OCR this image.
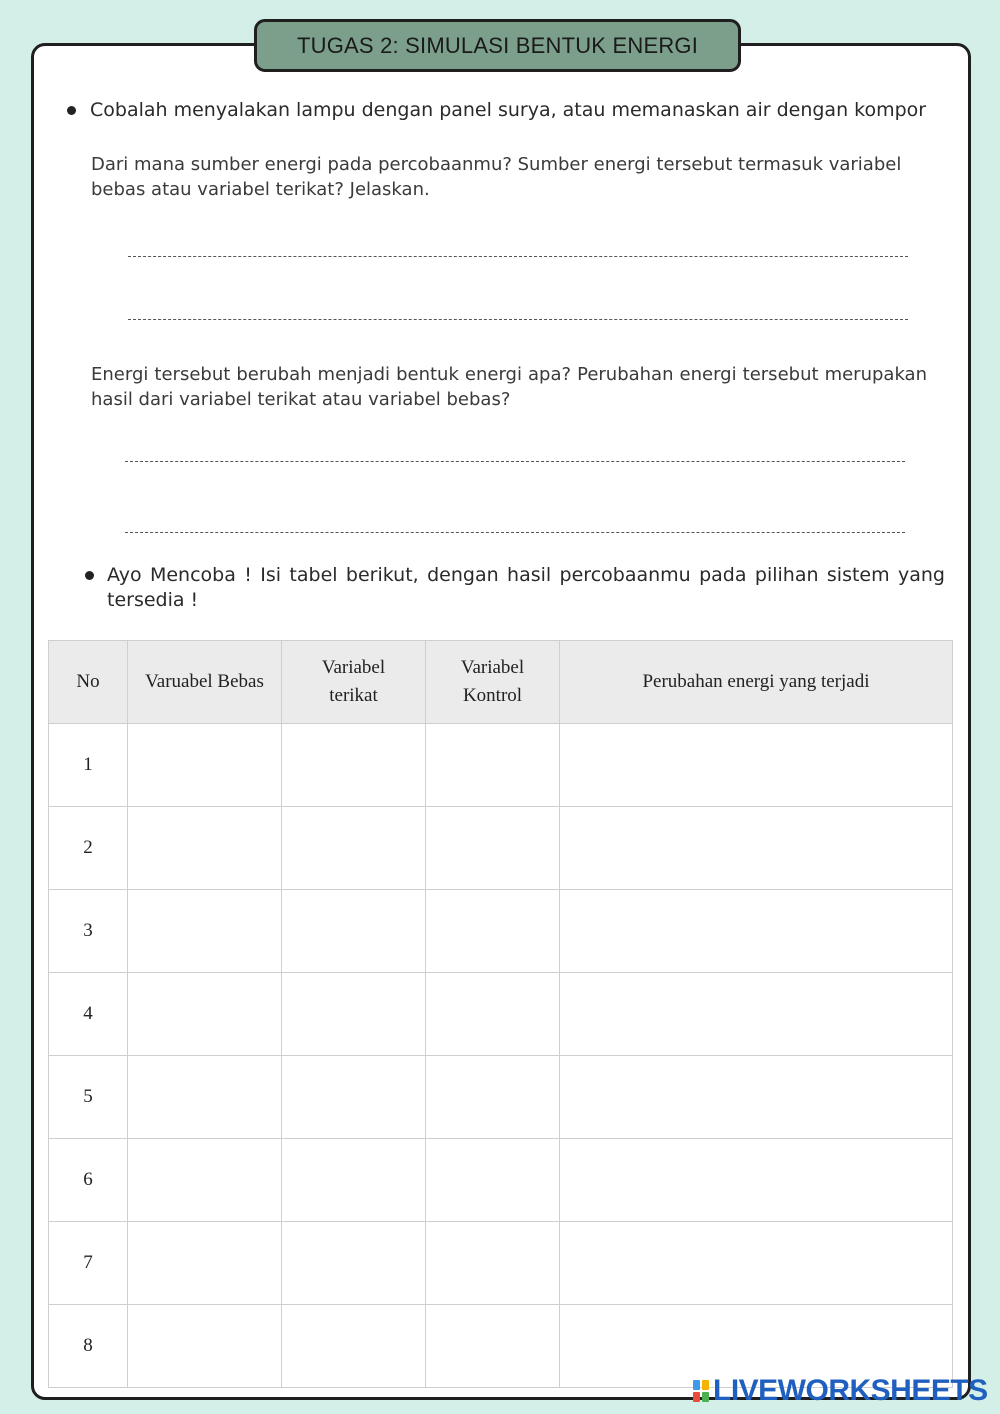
TUGAS 2: SIMULASI BENTUK ENERGI
Cobalah menyalakan lampu dengan panel surya, atau memanaskan air dengan kompor
Dari mana sumber energi pada percobaanmu? Sumber energi tersebut termasuk variabel bebas atau variabel terikat? Jelaskan.
Energi tersebut berubah menjadi bentuk energi apa? Perubahan energi tersebut merupakan hasil dari variabel terikat atau variabel bebas?
Ayo Mencoba ! Isi tabel berikut, dengan hasil percobaanmu pada pilihan sistem yang tersedia !
No	Varuabel Bebas	Variabel terikat	Variabel Kontrol	Perubahan energi yang terjadi
1				
2				
3				
4				
5				
6				
7				
8				
LIVEWORKSHEETS
